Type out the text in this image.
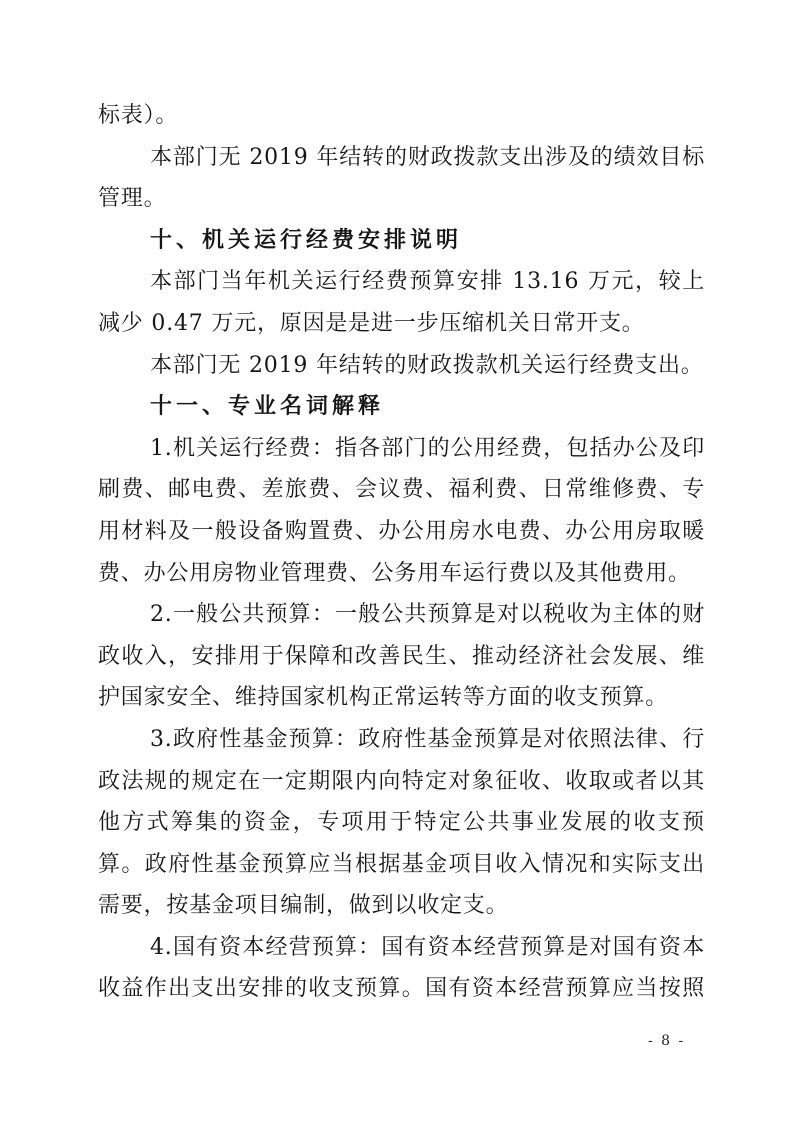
标表）。
本部门无 2019 年结转的财政拨款支出涉及的绩效目标
管理。
十、机关运行经费安排说明
本部门当年机关运行经费预算安排 13.16 万元，较上
减少 0.47 万元，原因是是进一步压缩机关日常开支。
本部门无 2019 年结转的财政拨款机关运行经费支出。
十一、专业名词解释
1.机关运行经费：指各部门的公用经费，包括办公及印
刷费、邮电费、差旅费、会议费、福利费、日常维修费、专
用材料及一般设备购置费、办公用房水电费、办公用房取暖
费、办公用房物业管理费、公务用车运行费以及其他费用。
2.一般公共预算：一般公共预算是对以税收为主体的财
政收入，安排用于保障和改善民生、推动经济社会发展、维
护国家安全、维持国家机构正常运转等方面的收支预算。
3.政府性基金预算：政府性基金预算是对依照法律、行
政法规的规定在一定期限内向特定对象征收、收取或者以其
他方式筹集的资金，专项用于特定公共事业发展的收支预
算。政府性基金预算应当根据基金项目收入情况和实际支出
需要，按基金项目编制，做到以收定支。
4.国有资本经营预算：国有资本经营预算是对国有资本
收益作出支出安排的收支预算。国有资本经营预算应当按照
- 8 -
